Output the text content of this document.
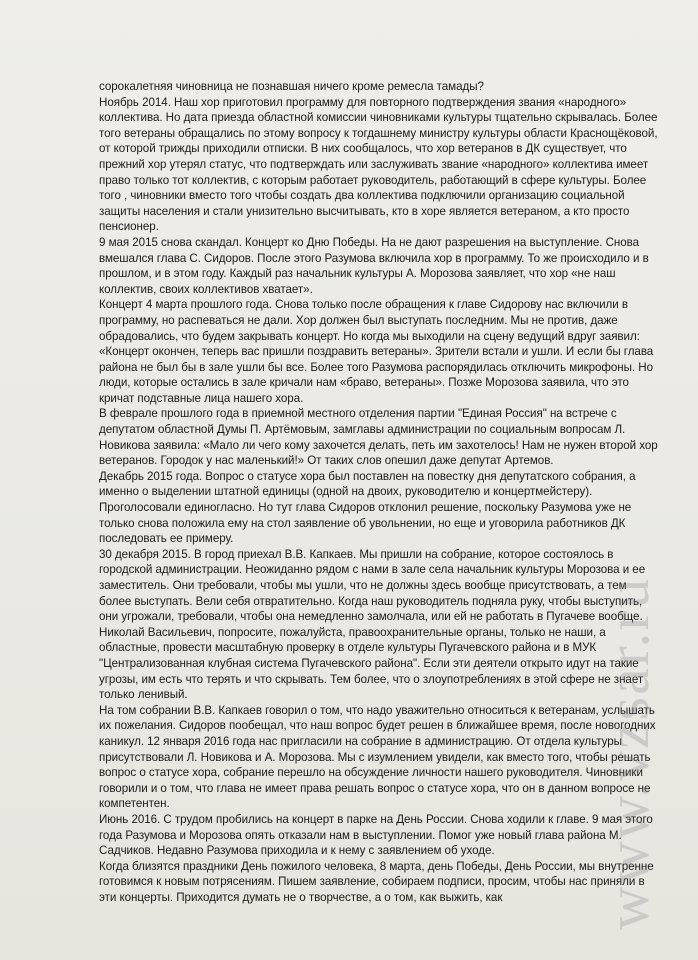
сорокалетняя чиновница не познавшая ничего кроме ремесла тамады?

Ноябрь 2014. Наш хор приготовил программу для повторного подтверждения звания «народного» коллектива. Но дата приезда областной комиссии чиновниками культуры тщательно скрывалась. Более того ветераны обращались по этому вопросу к тогдашнему министру культуры области Краснощёковой, от которой трижды приходили отписки. В них сообщалось, что хор ветеранов в ДК существует, что прежний хор утерял статус, что подтверждать или заслуживать звание «народного» коллектива имеет право только тот коллектив, с которым работает руководитель, работающий в сфере культуры. Более того , чиновники вместо того чтобы создать два коллектива подключили организацию социальной защиты населения и стали унизительно высчитывать, кто в хоре является ветераном, а кто просто пенсионер.

9 мая 2015 снова скандал. Концерт ко Дню Победы. На не дают разрешения на выступление. Снова вмешался глава С. Сидоров. После этого Разумова включила хор в программу. То же происходило и в прошлом, и в этом году. Каждый раз начальник культуры А. Морозова заявляет, что хор «не наш коллектив, своих коллективов хватает».

Концерт 4 марта прошлого года. Снова только после обращения к главе Сидорову нас включили в программу, но распеваться не дали. Хор должен был выступать последним. Мы не против, даже обрадовались, что будем закрывать концерт. Но когда мы выходили на сцену ведущий вдруг заявил: «Концерт окончен, теперь вас пришли поздравить ветераны». Зрители встали и ушли. И если бы глава района не был бы в зале ушли бы все. Более того Разумова распорядилась отключить микрофоны. Но люди, которые остались в зале кричали нам «браво, ветераны». Позже Морозова заявила, что это кричат подставные лица нашего хора.

В феврале прошлого года в приемной местного отделения партии "Единая Россия" на встрече с депутатом областной Думы П. Артёмовым, замглавы администрации по социальным вопросам Л. Новикова заявила: «Мало ли чего кому захочется делать, петь им захотелось! Нам не нужен второй хор ветеранов. Городок у нас маленький!» От таких слов опешил даже депутат Артемов.

Декабрь 2015 года. Вопрос о статусе хора был поставлен на повестку дня депутатского собрания, а именно о выделении штатной единицы (одной на двоих, руководителю и концертмейстеру). Проголосовали единогласно. Но тут глава Сидоров отклонил решение, поскольку Разумова уже не только снова положила ему на стол заявление об увольнении, но еще и уговорила работников ДК последовать ее примеру.

30 декабря 2015. В город приехал В.В. Капкаев. Мы пришли на собрание, которое состоялось в городской администрации. Неожиданно рядом с нами в зале села начальник культуры Морозова и ее заместитель. Они требовали, чтобы мы ушли, что не должны здесь вообще присутствовать, а тем более выступать. Вели себя отвратительно. Когда наш руководитель подняла руку, чтобы выступить, они угрожали, требовали, чтобы она немедленно замолчала, или ей не работать в Пугачеве вообще.

Николай Васильевич, попросите, пожалуйста, правоохранительные органы, только не наши, а областные, провести масштабную проверку в отделе культуры Пугачевского района и в МУК "Централизованная клубная система Пугачевского района". Если эти деятели открыто идут на такие угрозы, им есть что терять и что скрывать. Тем более, что о злоупотреблениях в этой сфере не знает только ленивый.

На том собрании В.В. Капкаев говорил о том, что надо уважительно относиться к ветеранам, услышать их пожелания. Сидоров пообещал, что наш вопрос будет решен в ближайшее время, после новогодних каникул. 12 января 2016 года нас пригласили на собрание в администрацию. От отдела культуры присутствовали Л. Новикова и А. Морозова. Мы с изумлением увидели, как вместо того, чтобы решать вопрос о статусе хора, собрание перешло на обсуждение личности нашего руководителя. Чиновники говорили и о том, что глава не имеет права решать вопрос о статусе хора, что он в данном вопросе не компетентен.

Июнь 2016. С трудом пробились на концерт в парке на День России. Снова ходили к главе. 9 мая этого года Разумова и Морозова опять отказали нам в выступлении. Помог уже новый глава района М. Садчиков. Недавно Разумова приходила и к нему с заявлением об уходе.

Когда близятся праздники День пожилого человека, 8 марта, день Победы, День России, мы внутренне готовимся к новым потрясениям. Пишем заявление, собираем подписи, просим, чтобы нас приняли в эти концерты. Приходится думать не о творчестве, а о том, как выжить, как	www.vzsar.ru
